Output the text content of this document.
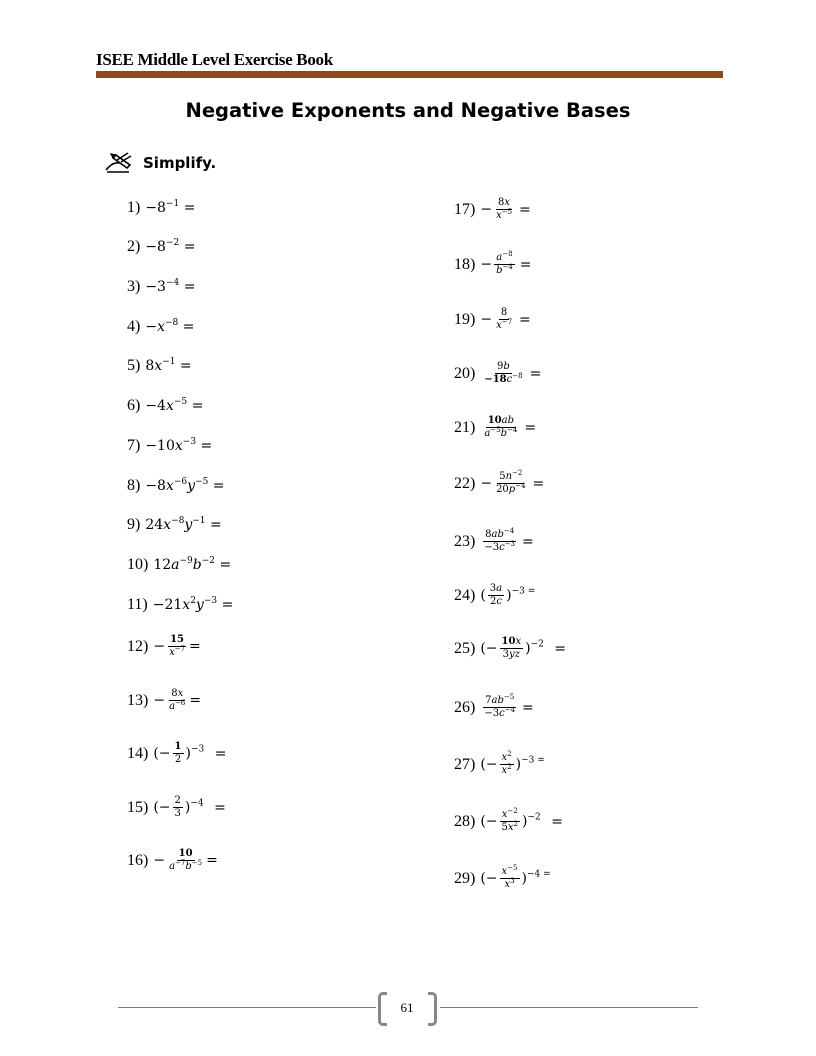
ISEE Middle Level Exercise Book
Negative Exponents and Negative Bases
Simplify.
$1) -8^{-1}$ =
$2) -8^{-2}$ =
$3) -3^{-4}$ =
$4) -x^{-8}$ =
5) $8x^{-1}$ =
$6) -4x^{-5}$ =
$7) -10x^{-3}$ =
$8) -8x^{-6}y^{-5}$ =
9) $24x^{-8}y^{-1}$ =
10) $12a^{-9}b^{-2}$ =
$11) -21x^2y^{-3}$ =
$12) - \frac{15}{x^{-7}}$ =
$13) - \frac{8x}{a^{-6}}$ =
14) (− $\frac{1}{2} )^{-3}$ =
15) (− $\frac{2}{3} )^{-4}$ =
$16) - \frac{10}{a^{-7}b^{-5}}$ =
$17) - \frac{8x}{x^{-5}}$ =
$18) - \frac{a^{-8}}{b^{-4}}$ =
$19) - \frac{8}{x^{-7}}$ =
$20) \frac{9b}{-18c^{-8}}$ =
$21) \frac{10ab}{a^{-5}b^{-4}}$ =
$22) - \frac{5n^{-2}}{20p^{-4}}$ =
$23) \frac{8ab^{-4}}{-3c^{-3}}$ =
24) ( $\frac{3a}{2c} )^{-3 =}$
25) (− $\frac{10x}{3yz} )^{-2}$ =
$26) \frac{7ab^{-5}}{-3c^{-4}}$ =
27) (− $\frac{x^2}{x^2} )^{-3 =}$
28) (− $\frac{x^{-2}}{5x^2} )^{-2}$ =
29) (− $\frac{x^{-5}}{x^3} )^{-4 =}$
61
